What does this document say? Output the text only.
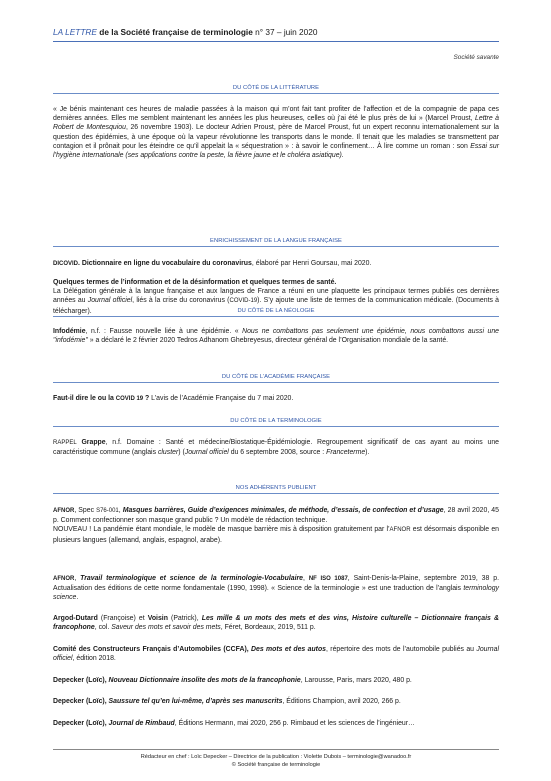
LA LETTRE de la Société française de terminologie n° 37 – juin 2020
Société savante
DU CÔTÉ DE LA LITTÉRATURE

« Je bénis maintenant ces heures de maladie passées à la maison qui m’ont fait tant profiter de l’affection et de la compagnie de papa ces dernières années. Elles me semblent maintenant les années les plus heureuses, celles où j’ai été le plus près de lui » (Marcel Proust, Lettre à Robert de Montesquiou, 26 novembre 1903). Le docteur Adrien Proust, père de Marcel Proust, fut un expert reconnu internationalement sur la question des épidémies, à une époque où la vapeur révolutionne les transports dans le monde. Il tenait que les maladies se transmettent par contagion et il prônait pour les éteindre ce qu’il appelait la « séquestration » : à savoir le confinement… À lire comme un roman : son Essai sur l’hygiène internationale (ses applications contre la peste, la fièvre jaune et le choléra asiatique).

ENRICHISSEMENT DE LA LANGUE FRANÇAISE

DICOVID. Dictionnaire en ligne du vocabulaire du coronavirus, élaboré par Henri Goursau, mai 2020.

Quelques termes de l’information et de la désinformation et quelques termes de santé.
La Délégation générale à la langue française et aux langues de France a réuni en une plaquette les principaux termes publiés ces dernières années au Journal officiel, liés à la crise du coronavirus (COVID-19). S’y ajoute une liste de termes de la communication médicale. (Documents à télécharger).	DU CÔTÉ DE LA NÉOLOGIE

Infodémie, n.f. : Fausse nouvelle liée à une épidémie. « Nous ne combattons pas seulement une épidémie, nous combattons aussi une "infodémie" » a déclaré le 2 février 2020 Tedros Adhanom Ghebreyesus, directeur général de l’Organisation mondiale de la santé.

DU CÔTÉ DE L’ACADÉMIE FRANÇAISE

Faut-il dire le ou la COVID 19 ? L’avis de l’Académie Française du 7 mai 2020.

DU CÔTÉ DE LA TERMINOLOGIE

RAPPEL Grappe, n.f. Domaine : Santé et médecine/Biostatique-Épidémiologie. Regroupement significatif de cas ayant au moins une caractéristique commune (anglais cluster) (Journal officiel du 6 septembre 2008, source : Franceterme).

NOS ADHÉRENTS PUBLIENT

AFNOR, Spec S76-001, Masques barrières, Guide d’exigences minimales, de méthode, d’essais, de confection et d’usage, 28 avril 2020, 45 p. Comment confectionner son masque grand public ? Un modèle de rédaction technique.
NOUVEAU ! La pandémie étant mondiale, le modèle de masque barrière mis à disposition gratuitement par l’AFNOR est désormais disponible en plusieurs langues (allemand, anglais, espagnol, arabe).

AFNOR, Travail terminologique et science de la terminologie-Vocabulaire, NF ISO 1087, Saint-Denis-la-Plaine, septembre 2019, 38 p. Actualisation des éditions de cette norme fondamentale (1990, 1998). « Science de la terminologie » est une traduction de l’anglais terminology science.

Argod-Dutard (Françoise) et Voisin (Patrick), Les mille & un mots des mets et des vins, Histoire culturelle – Dictionnaire français & francophone, col. Saveur des mots et savoir des mets, Féret, Bordeaux, 2019, 511 p.

Comité des Constructeurs Français d’Automobiles (CCFA), Des mots et des autos, répertoire des mots de l’automobile publiés au Journal officiel, édition 2018.

Depecker (Loïc), Nouveau Dictionnaire insolite des mots de la francophonie, Larousse, Paris, mars 2020, 480 p.

Depecker (Loïc), Saussure tel qu’en lui-même, d’après ses manuscrits, Éditions Champion, avril 2020, 266 p.

Depecker (Loïc), Journal de Rimbaud, Éditions Hermann, mai 2020, 256 p. Rimbaud et les sciences de l’ingénieur…

Rédacteur en chef : Loïc Depecker – Directrice de la publication : Violette Dubois – terminologie@wanadoo.fr
© Société française de terminologie
